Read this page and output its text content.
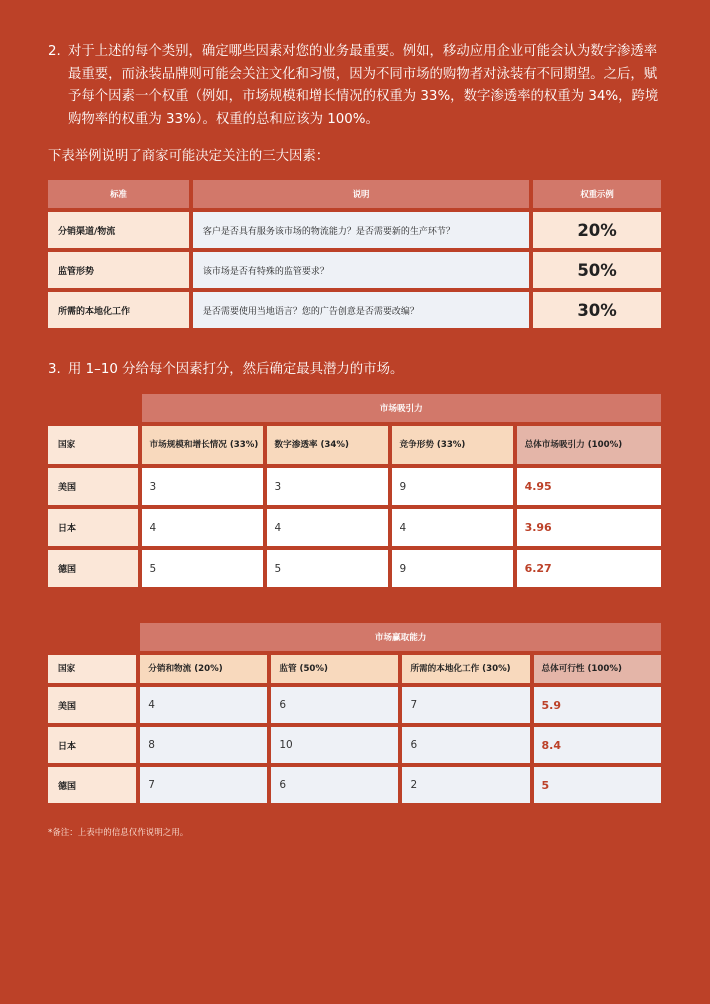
2. 对于上述的每个类别，确定哪些因素对您的业务最重要。例如，移动应用企业可能会认为数字渗透率最重要，而泳装品牌则可能会关注文化和习惯，因为不同市场的购物者对泳装有不同期望。之后，赋予每个因素一个权重（例如，市场规模和增长情况的权重为 33%，数字渗透率的权重为 34%，跨境购物率的权重为 33%）。权重的总和应该为 100%。
下表举例说明了商家可能决定关注的三大因素：
标准	说明	权重示例
分销渠道/物流	客户是否具有服务该市场的物流能力？是否需要新的生产环节？	20%
监管形势	该市场是否有特殊的监管要求？	50%
所需的本地化工作	是否需要使用当地语言？您的广告创意是否需要改编？	30%
3. 用 1–10 分给每个因素打分，然后确定最具潜力的市场。
	市场吸引力			
国家	市场规模和增长情况 (33%)	数字渗透率 (34%)	竞争形势 (33%)	总体市场吸引力 (100%)
美国	3	3	9	4.95
日本	4	4	4	3.96
德国	5	5	9	6.27
	市场赢取能力			
国家	分销和物流 (20%)	监管 (50%)	所需的本地化工作 (30%)	总体可行性 (100%)
美国	4	6	7	5.9
日本	8	10	6	8.4
德国	7	6	2	5
*备注：上表中的信息仅作说明之用。
